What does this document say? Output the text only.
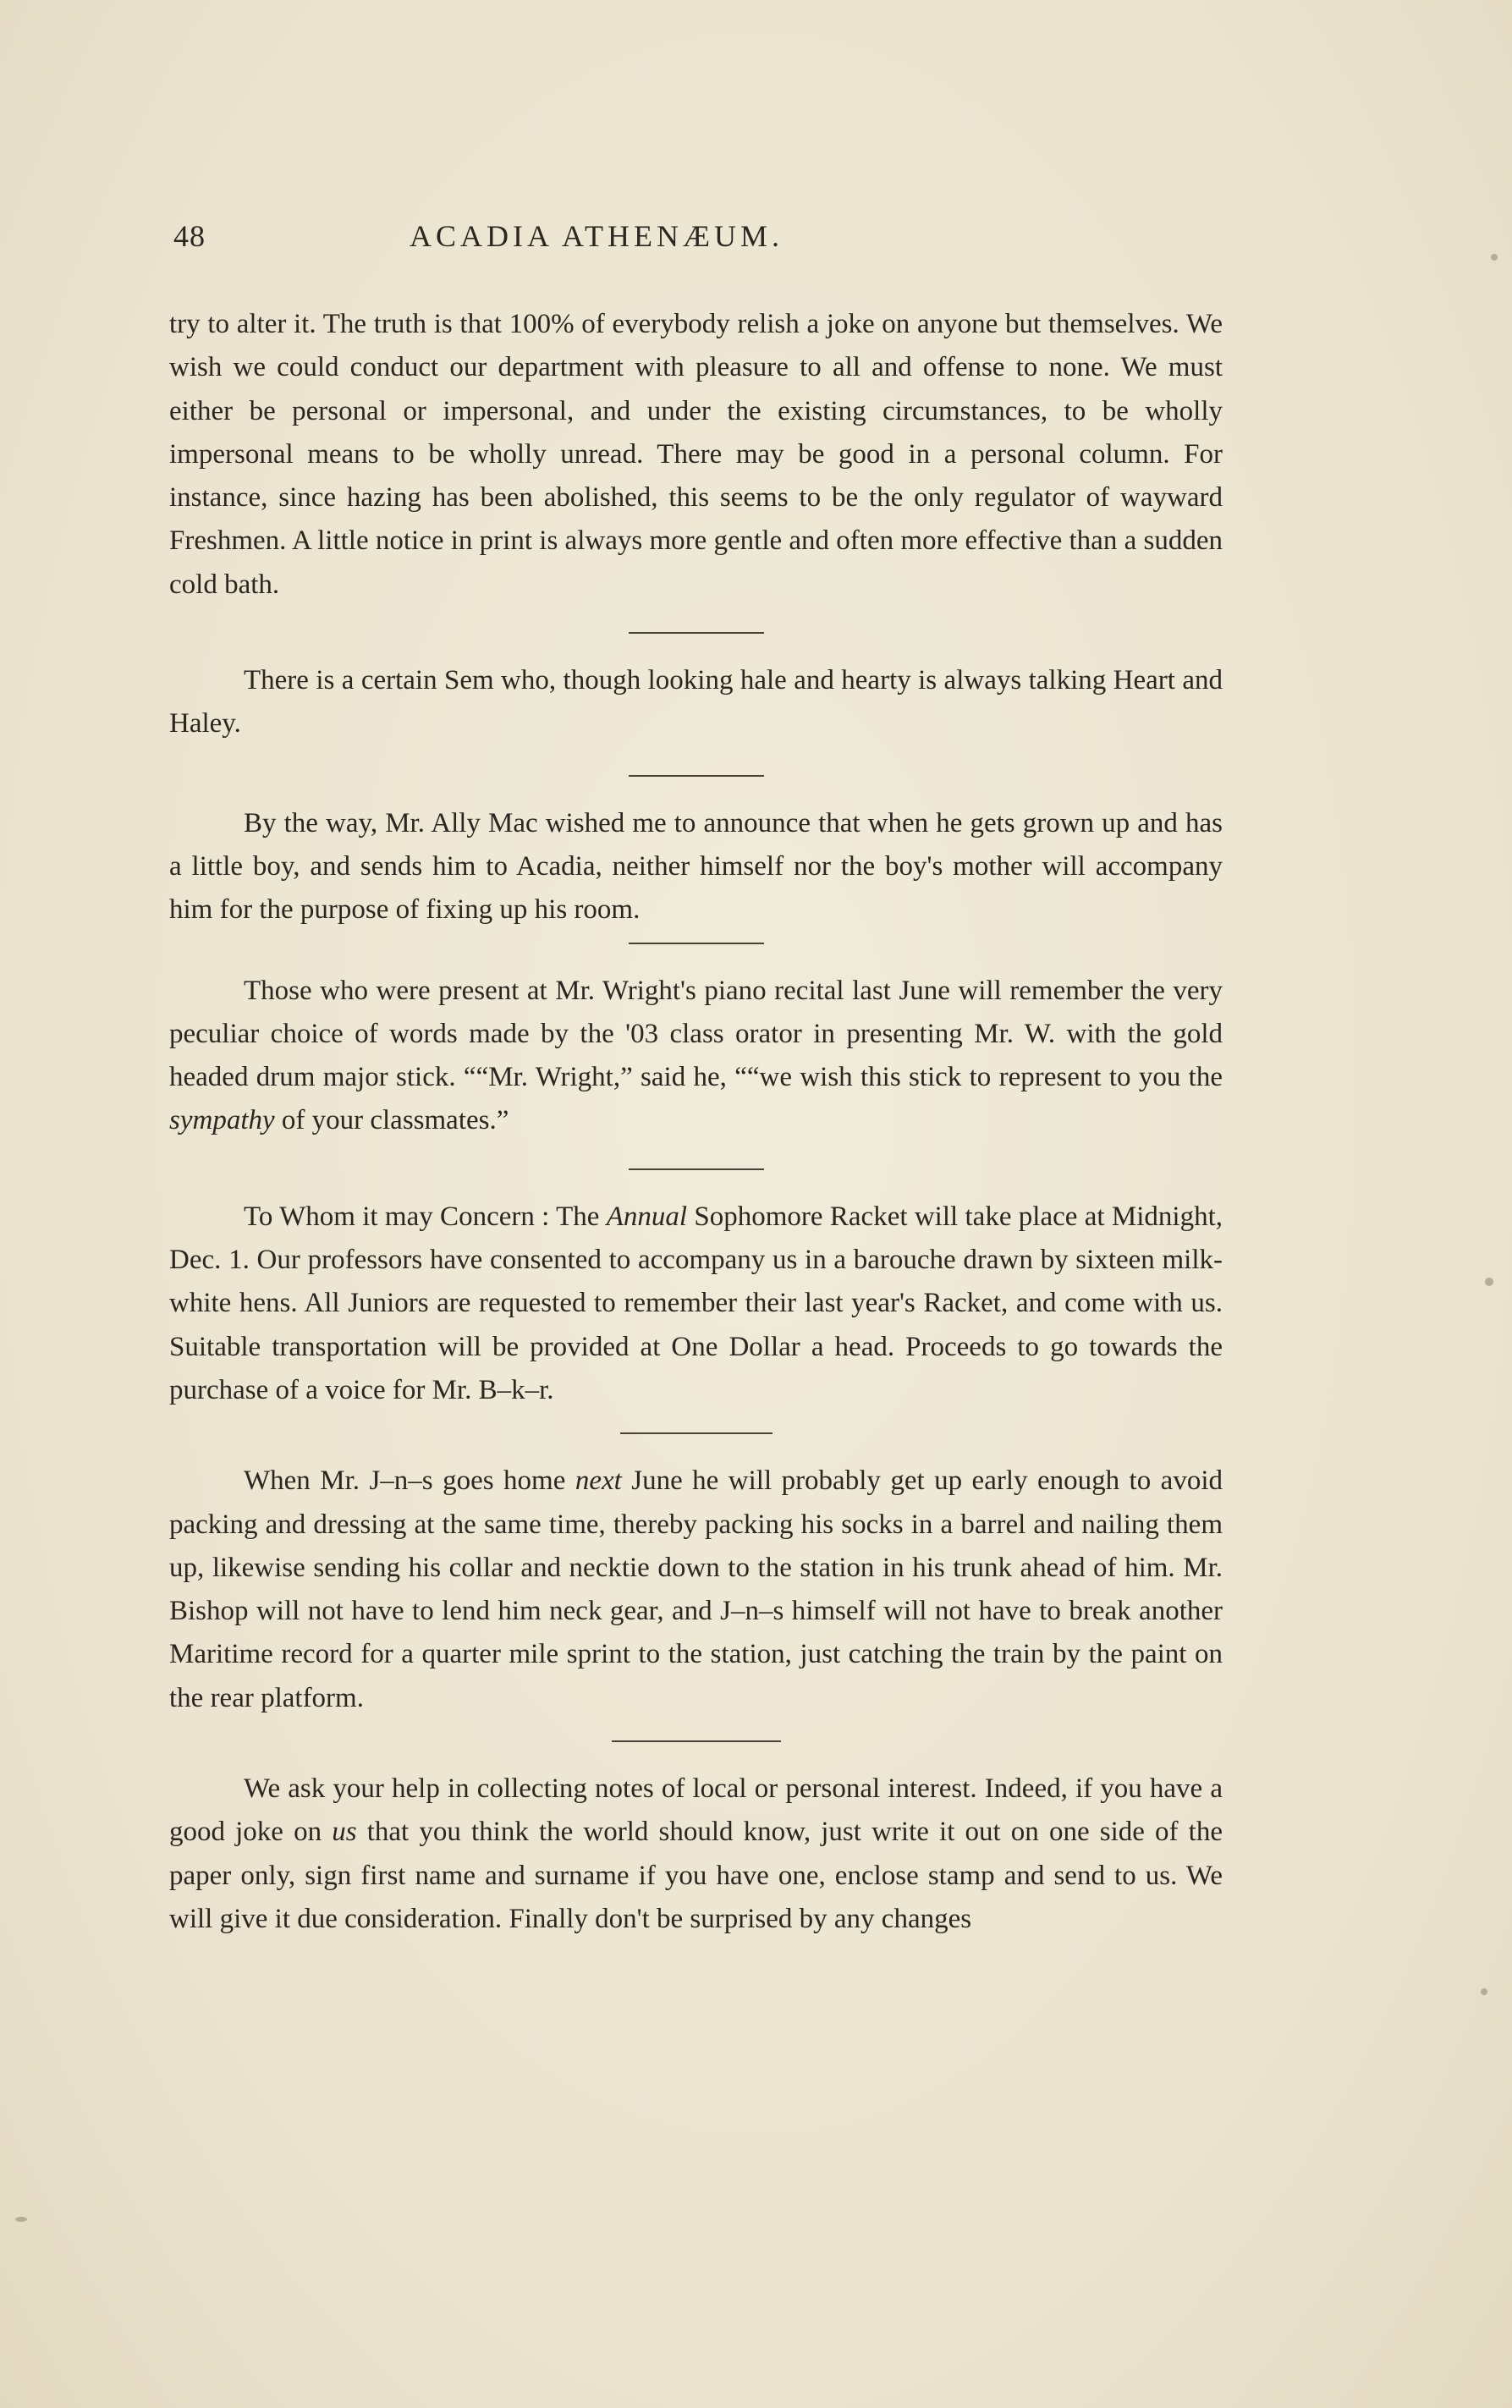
48	ACADIA ATHENÆUM.

try to alter it. The truth is that 100% of everybody relish a joke on anyone but themselves. We wish we could conduct our department with pleasure to all and offense to none. We must either be personal or impersonal, and under the existing circumstances, to be wholly impersonal means to be wholly unread. There may be good in a personal column. For instance, since hazing has been abolished, this seems to be the only regulator of wayward Freshmen. A little notice in print is always more gentle and often more effective than a sudden cold bath.

There is a certain Sem who, though looking hale and hearty is always talking Heart and Haley.

By the way, Mr. Ally Mac wished me to announce that when he gets grown up and has a little boy, and sends him to Acadia, neither himself nor the boy's mother will accompany him for the purpose of fixing up his room.

Those who were present at Mr. Wright's piano recital last June will remember the very peculiar choice of words made by the '03 class orator in presenting Mr. W. with the gold headed drum major stick. ““Mr. Wright,” said he, ““we wish this stick to represent to you the sympathy of your classmates.”

To Whom it may Concern : The Annual Sophomore Racket will take place at Midnight, Dec. 1. Our professors have consented to accompany us in a barouche drawn by sixteen milk-white hens. All Juniors are requested to remember their last year's Racket, and come with us. Suitable transportation will be provided at One Dollar a head. Proceeds to go towards the purchase of a voice for Mr. B–k–r.

When Mr. J–n–s goes home next June he will probably get up early enough to avoid packing and dressing at the same time, thereby packing his socks in a barrel and nailing them up, likewise sending his collar and necktie down to the station in his trunk ahead of him. Mr. Bishop will not have to lend him neck gear, and J–n–s himself will not have to break another Maritime record for a quarter mile sprint to the station, just catching the train by the paint on the rear platform.

We ask your help in collecting notes of local or personal interest. Indeed, if you have a good joke on us that you think the world should know, just write it out on one side of the paper only, sign first name and surname if you have one, enclose stamp and send to us. We will give it due consideration. Finally don't be surprised by any changes
